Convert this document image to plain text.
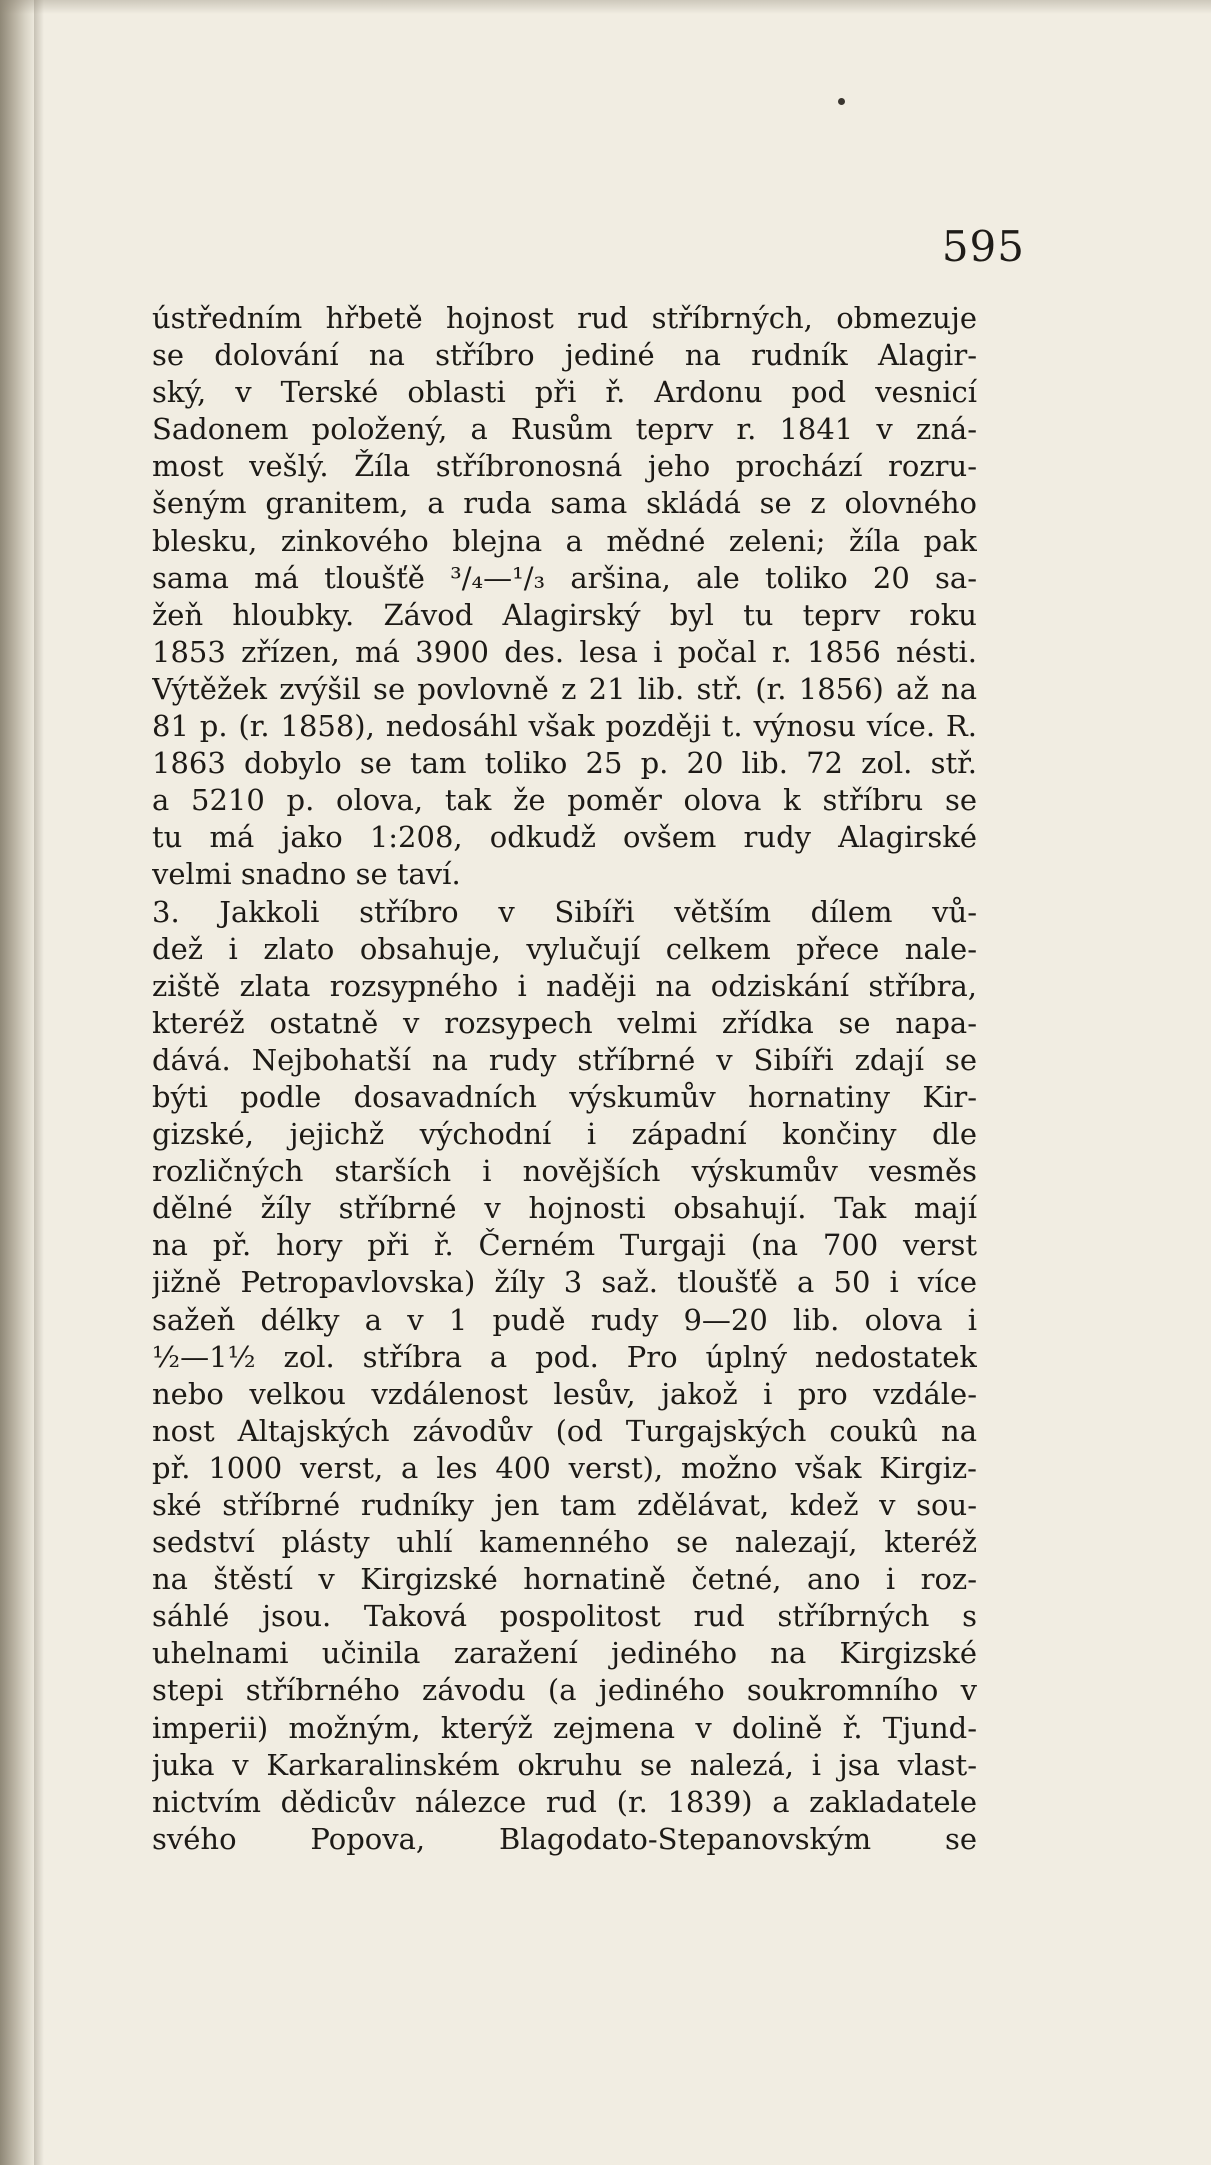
595

ústředním hřbetě hojnost rud stříbrných, obmezuje
se dolování na stříbro jediné na rudník Alagir-
ský, v Terské oblasti při ř. Ardonu pod vesnicí
Sadonem položený, a Rusům teprv r. 1841 v zná-
most vešlý. Žíla stříbronosná jeho prochází rozru-
šeným granitem, a ruda sama skládá se z olovného
blesku, zinkového blejna a mědné zeleni; žíla pak
sama má tloušťě ³/₄—¹/₃ aršina, ale toliko 20 sa-
žeň hloubky. Závod Alagirský byl tu teprv roku
1853 zřízen, má 3900 des. lesa i počal r. 1856 nésti.
Výtěžek zvýšil se povlovně z 21 lib. stř. (r. 1856) až na
81 p. (r. 1858), nedosáhl však později t. výnosu více. R.
1863 dobylo se tam toliko 25 p. 20 lib. 72 zol. stř.
a 5210 p. olova, tak že poměr olova k stříbru se
tu má jako 1:208, odkudž ovšem rudy Alagirské
velmi snadno se taví.
3. Jakkoli stříbro v Sibíři větším dílem vů-
dež i zlato obsahuje, vylučují celkem přece nale-
ziště zlata rozsypného i naději na odziskání stříbra,
kteréž ostatně v rozsypech velmi zřídka se napa-
dává. Nejbohatší na rudy stříbrné v Sibíři zdají se
býti podle dosavadních výskumův hornatiny Kir-
gizské, jejichž východní i západní končiny dle
rozličných starších i novějších výskumův vesměs
dělné žíly stříbrné v hojnosti obsahují. Tak mají
na př. hory při ř. Černém Turgaji (na 700 verst
jižně Petropavlovska) žíly 3 saž. tloušťě a 50 i více
sažeň délky a v 1 pudě rudy 9—20 lib. olova i
½—1½ zol. stříbra a pod. Pro úplný nedostatek
nebo velkou vzdálenost lesův, jakož i pro vzdále-
nost Altajských závodův (od Turgajských coukû na
př. 1000 verst, a les 400 verst), možno však Kirgiz-
ské stříbrné rudníky jen tam zdělávat, kdež v sou-
sedství plásty uhlí kamenného se nalezají, kteréž
na štěstí v Kirgizské hornatině četné, ano i roz-
sáhlé jsou. Taková pospolitost rud stříbrných s
uhelnami učinila zaražení jediného na Kirgizské
stepi stříbrného závodu (a jediného soukromního v
imperii) možným, kterýž zejmena v dolině ř. Tjund-
juka v Karkaralinském okruhu se nalezá, i jsa vlast-
nictvím dědicův nálezce rud (r. 1839) a zakladatele
svého Popova, Blagodato-Stepanovským se
